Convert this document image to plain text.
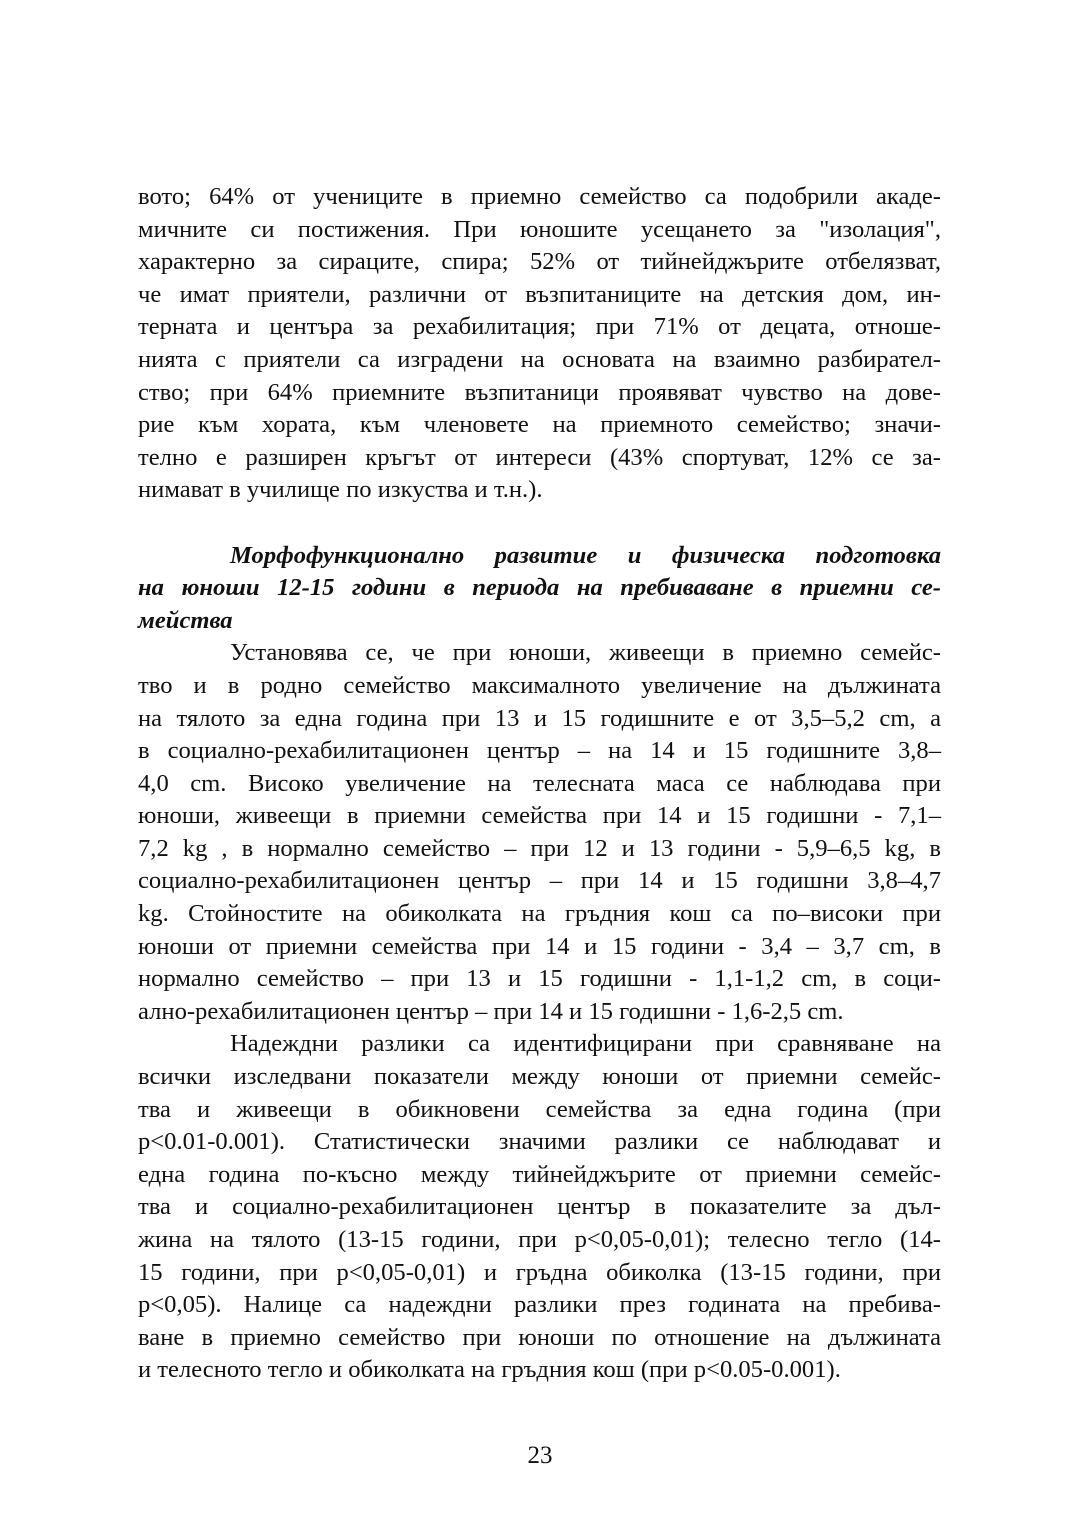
вото; 64% от учениците в приемно семейство са подобрили акаде-
мичните си постижения. При юношите усещането за "изолация",
характерно за сираците, спира; 52% от тийнейджърите отбелязват,
че имат приятели, различни от възпитаниците на детския дом, ин-
терната и центъра за рехабилитация; при 71% от децата, отноше-
нията с приятели са изградени на основата на взаимно разбирател-
ство; при 64% приемните възпитаници проявяват чувство на дове-
рие към хората, към членовете на приемното семейство; значи-
телно е разширен кръгът от интереси (43% спортуват, 12% се за-
нимават в училище по изкуства и т.н.).
Морфофункционално развитие и физическа подготовка
на юноши 12-15 години в периода на пребиваване в приемни се-
мейства
Установява се, че при юноши, живеещи в приемно семейс-
тво и в родно семейство максималното увеличение на дължината
на тялото за една година при 13 и 15 годишните е от 3,5–5,2 cm, а
в социално-рехабилитационен център – на 14 и 15 годишните 3,8–
4,0 cm. Високо увеличение на телесната маса се наблюдава при
юноши, живеещи в приемни семейства при 14 и 15 годишни - 7,1–
7,2 kg , в нормално семейство – при 12 и 13 години - 5,9–6,5 kg, в
социално-рехабилитационен център – при 14 и 15 годишни 3,8–4,7
kg. Стойностите на обиколката на гръдния кош са по–високи при
юноши от приемни семейства при 14 и 15 години - 3,4 – 3,7 cm, в
нормално семейство – при 13 и 15 годишни - 1,1-1,2 cm, в соци-
ално-рехабилитационен център – при 14 и 15 годишни - 1,6-2,5 cm.
Надеждни разлики са идентифицирани при сравняване на
всички изследвани показатели между юноши от приемни семейс-
тва и живеещи в обикновени семейства за една година (при
p<0.01-0.001). Статистически значими разлики се наблюдават и
една година по-късно между тийнейджърите от приемни семейс-
тва и социално-рехабилитационен център в показателите за дъл-
жина на тялото (13-15 години, при p<0,05-0,01); телесно тегло (14-
15 години, при p<0,05-0,01) и гръдна обиколка (13-15 години, при
p<0,05). Налице са надеждни разлики през годината на пребива-
ване в приемно семейство при юноши по отношение на дължината
и телесното тегло и обиколката на гръдния кош (при p<0.05-0.001).
23
